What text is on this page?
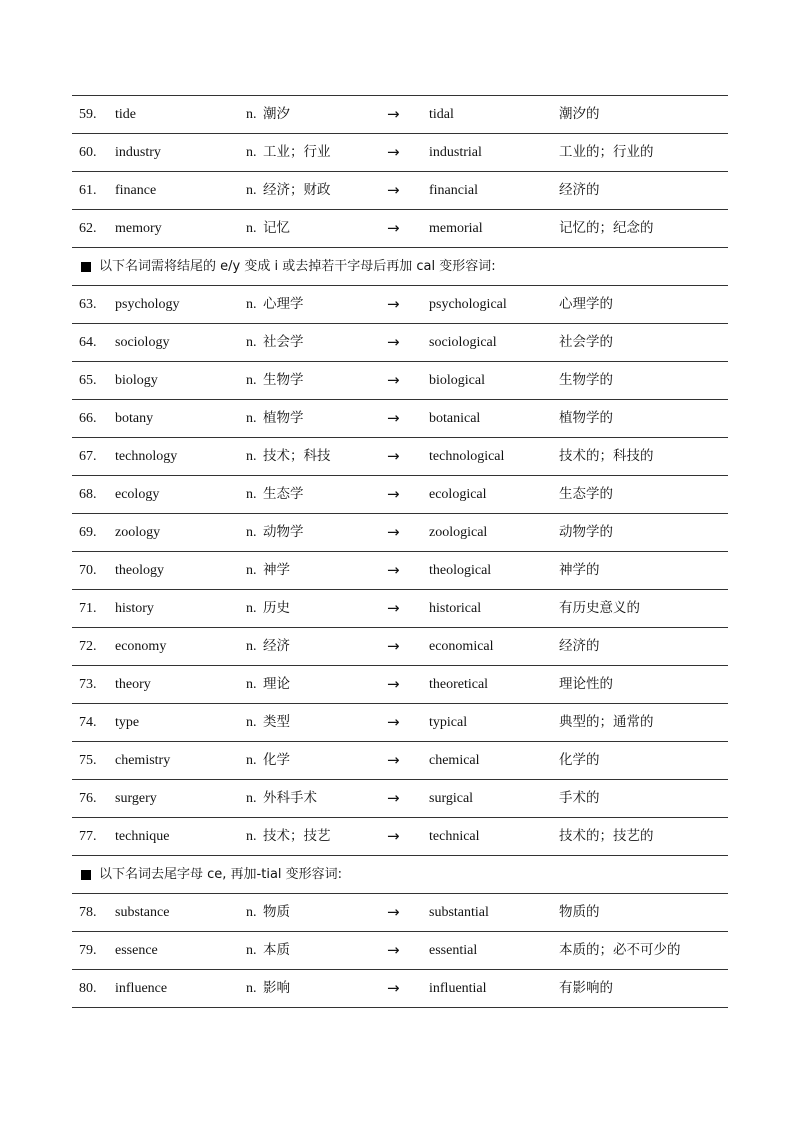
59. tide	n. 潮汐	→ tidal	潮汐的
60. industry	n. 工业；行业	→ industrial	工业的；行业的
61. finance	n. 经济；财政	→ financial	经济的
62. memory	n. 记忆	→ memorial	记忆的；纪念的
以下名词需将结尾的 e/y 变成 i 或去掉若干字母后再加 cal 变形容词:
63. psychology	n. 心理学	→ psychological	心理学的
64. sociology	n. 社会学	→ sociological	社会学的
65. biology	n. 生物学	→ biological	生物学的
66. botany	n. 植物学	→ botanical	植物学的
67. technology	n. 技术；科技	→ technological	技术的；科技的
68. ecology	n. 生态学	→ ecological	生态学的
69. zoology	n. 动物学	→ zoological	动物学的
70. theology	n. 神学	→ theological	神学的
71. history	n. 历史	→ historical	有历史意义的
72. economy	n. 经济	→ economical	经济的
73. theory	n. 理论	→ theoretical	理论性的
74. type	n. 类型	→ typical	典型的；通常的
75. chemistry	n. 化学	→ chemical	化学的
76. surgery	n. 外科手术	→ surgical	手术的
77. technique	n. 技术；技艺	→ technical	技术的；技艺的
以下名词去尾字母 ce, 再加-tial 变形容词:
78. substance	n. 物质	→ substantial	物质的
79. essence	n. 本质	→ essential	本质的；必不可少的
80. influence	n. 影响	→ influential	有影响的
